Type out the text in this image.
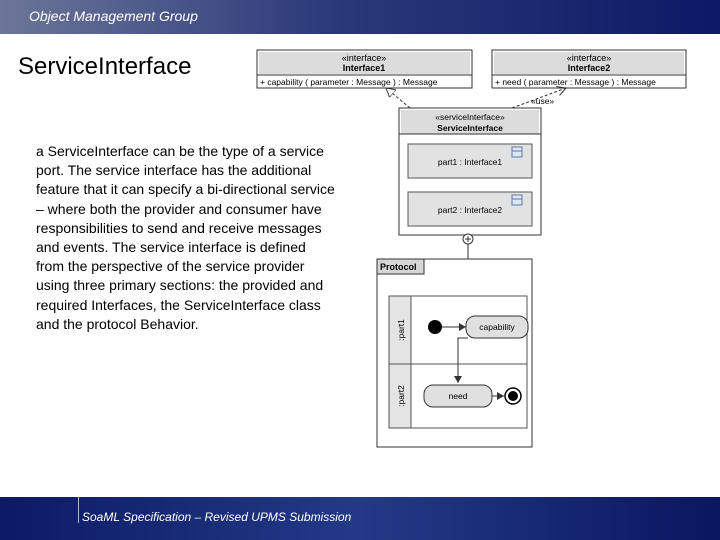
Object Management Group
ServiceInterface
a ServiceInterface can be the type of a service port. The service interface has the additional feature that it can specify a bi-directional service – where both the provider and consumer have responsibilities to send and receive messages and events. The service interface is defined from the perspective of the service provider using three primary sections: the provided and required Interfaces, the ServiceInterface class and the protocol Behavior.
«interface»
Interface1
+ capability ( parameter : Message ) : Message
«interface»
Interface2
+ need ( parameter : Message ) : Message
«use»
«serviceInterface»
ServiceInterface
part1 : Interface1
part2 : Interface2
Protocol
:part1
:part2
capability
need
SoaML Specification – Revised UPMS Submission
